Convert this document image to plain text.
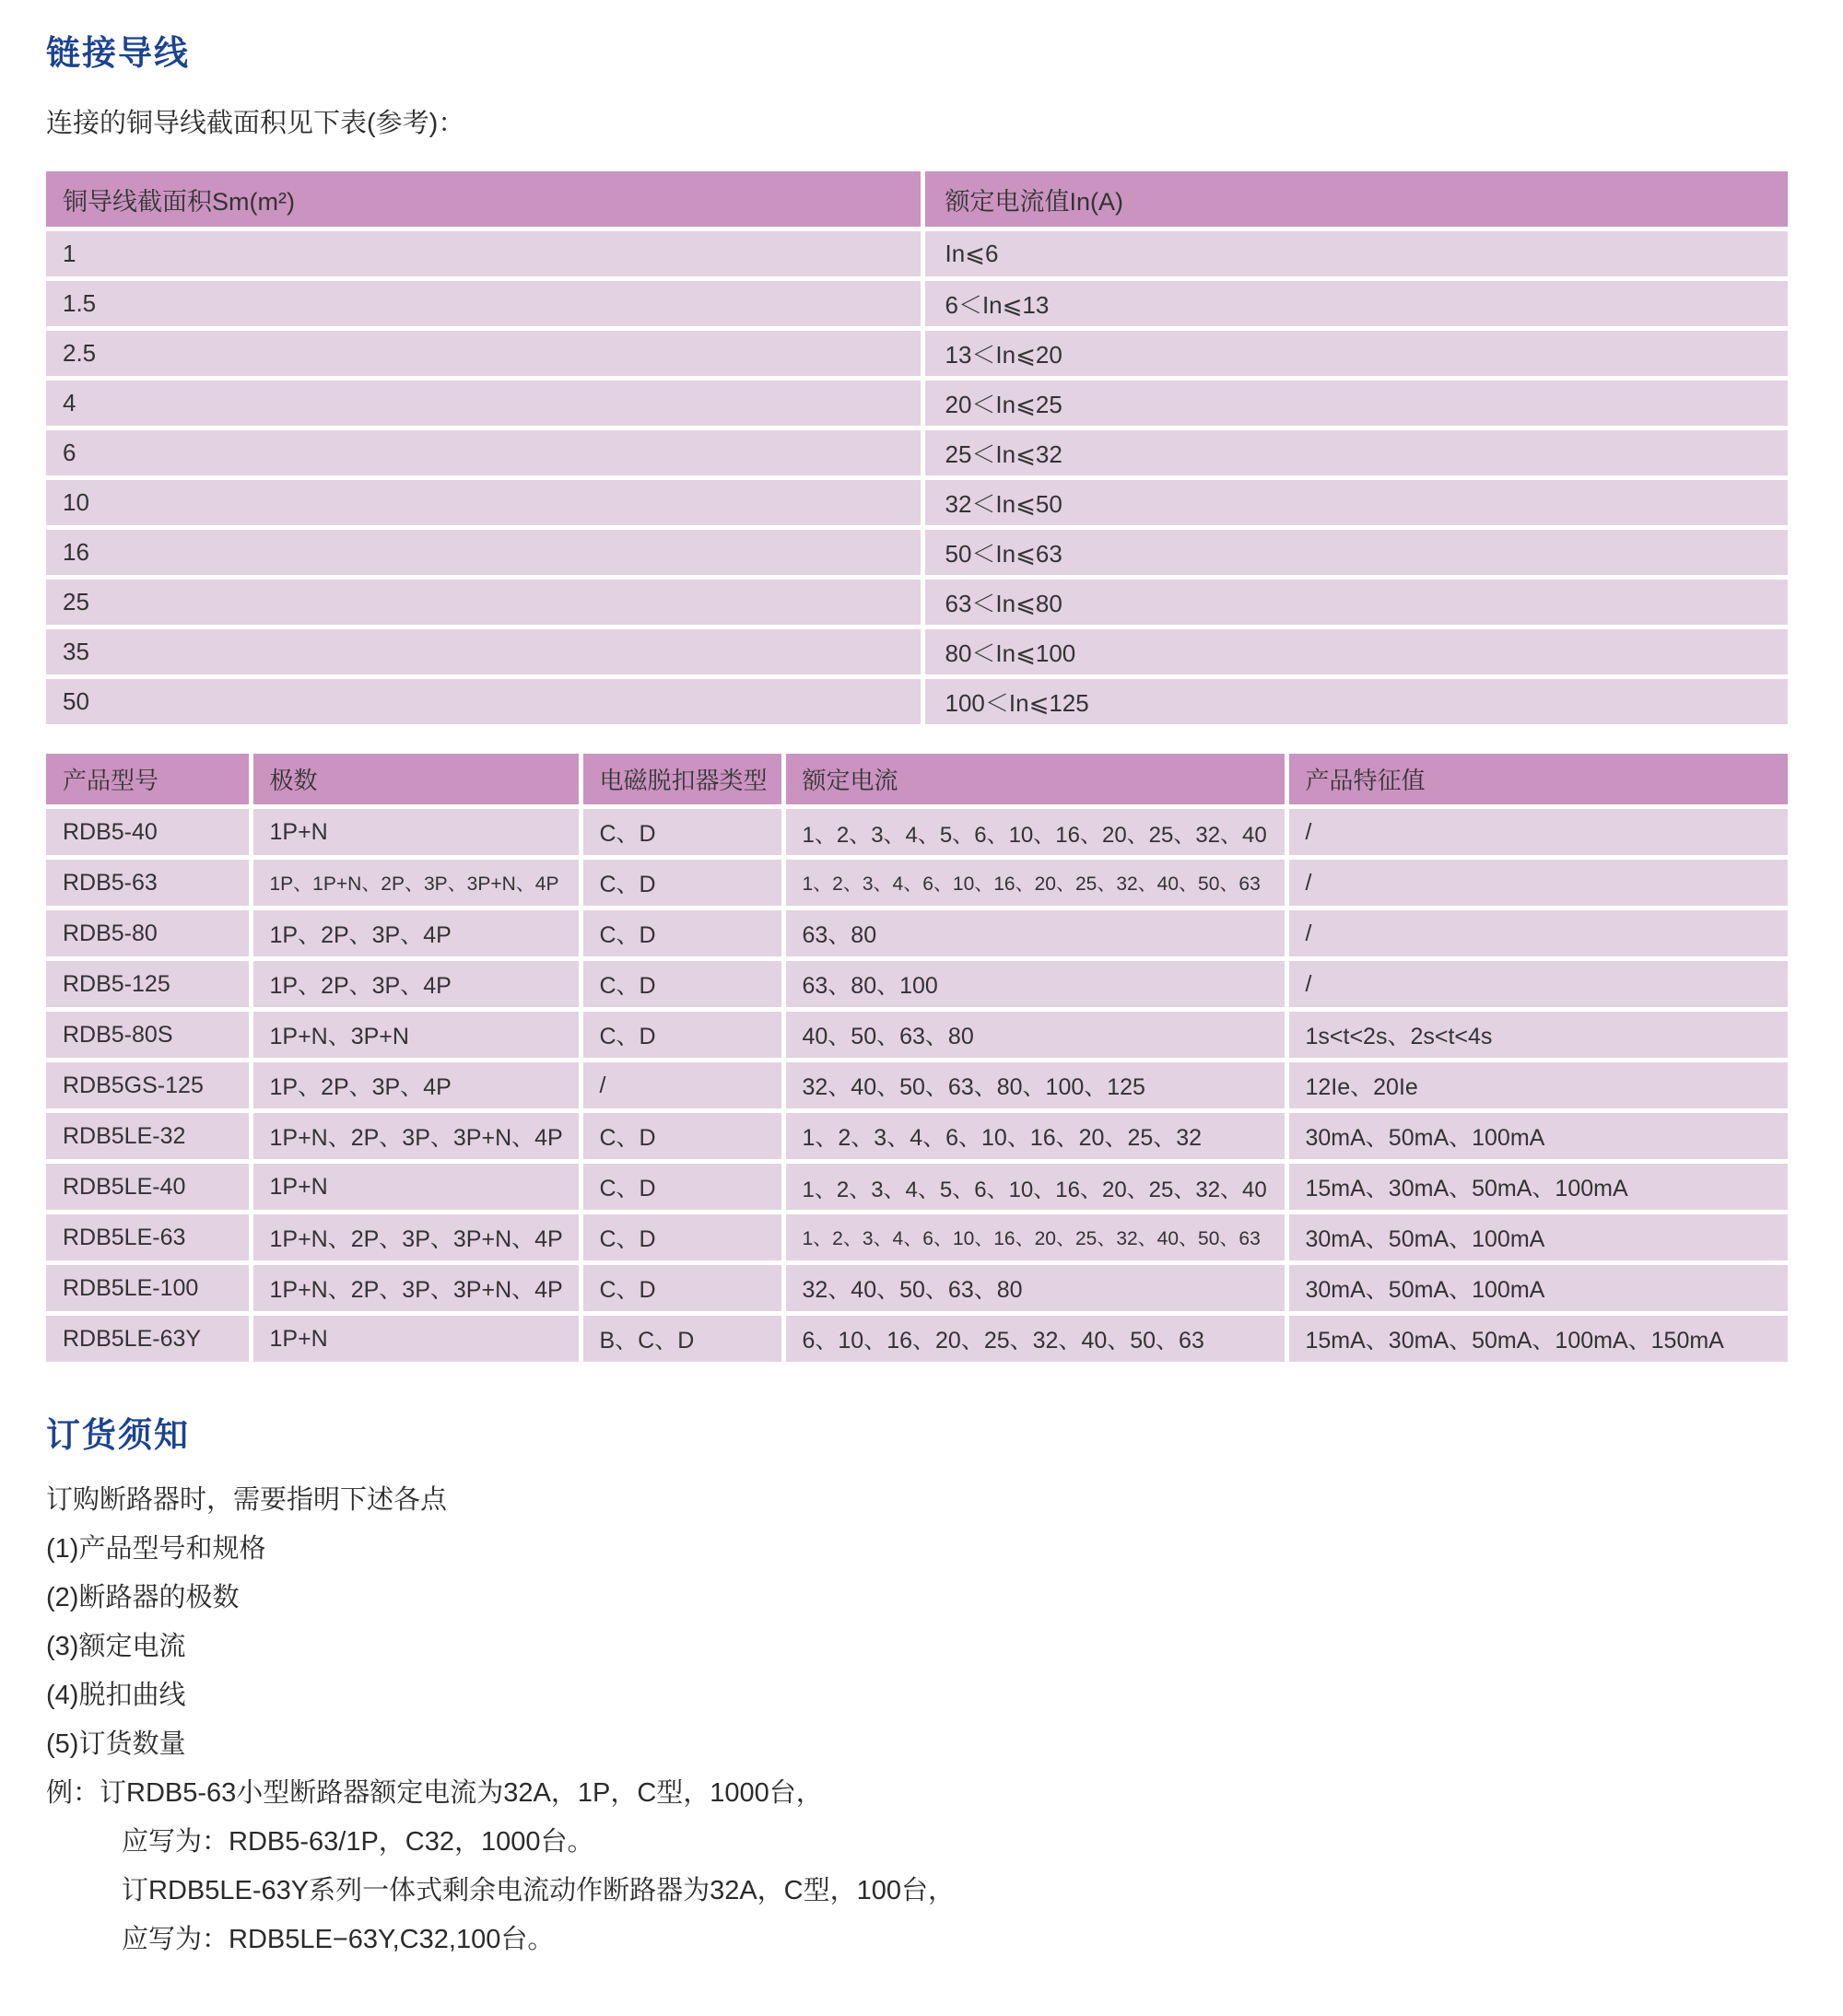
链接导线
连接的铜导线截面积见下表(参考)：
铜导线截面积Sm(m²)	额定电流值In(A)
1	In⩽6
1.5	6＜In⩽13
2.5	13＜In⩽20
4	20＜In⩽25
6	25＜In⩽32
10	32＜In⩽50
16	50＜In⩽63
25	63＜In⩽80
35	80＜In⩽100
50	100＜In⩽125
产品型号	极数	电磁脱扣器类型	额定电流	产品特征值
RDB5-40	1P+N	C、D	1、2、3、4、5、6、10、16、20、25、32、40	/
RDB5-63	1P、1P+N、2P、3P、3P+N、4P	C、D	1、2、3、4、6、10、16、20、25、32、40、50、63	/
RDB5-80	1P、2P、3P、4P	C、D	63、80	/
RDB5-125	1P、2P、3P、4P	C、D	63、80、100	/
RDB5-80S	1P+N、3P+N	C、D	40、50、63、80	1s<t<2s、2s<t<4s
RDB5GS-125	1P、2P、3P、4P	/	32、40、50、63、80、100、125	12Ie、20Ie
RDB5LE-32	1P+N、2P、3P、3P+N、4P	C、D	1、2、3、4、6、10、16、20、25、32	30mA、50mA、100mA
RDB5LE-40	1P+N	C、D	1、2、3、4、5、6、10、16、20、25、32、40	15mA、30mA、50mA、100mA
RDB5LE-63	1P+N、2P、3P、3P+N、4P	C、D	1、2、3、4、6、10、16、20、25、32、40、50、63	30mA、50mA、100mA
RDB5LE-100	1P+N、2P、3P、3P+N、4P	C、D	32、40、50、63、80	30mA、50mA、100mA
RDB5LE-63Y	1P+N	B、C、D	6、10、16、20、25、32、40、50、63	15mA、30mA、50mA、100mA、150mA
订货须知
订购断路器时，需要指明下述各点
(1)产品型号和规格
(2)断路器的极数
(3)额定电流
(4)脱扣曲线
(5)订货数量
例：订RDB5-63小型断路器额定电流为32A，1P，C型，1000台，
应写为：RDB5-63/1P，C32，1000台。
订RDB5LE-63Y系列一体式剩余电流动作断路器为32A，C型，100台，
应写为：RDB5LE−63Y,C32,100台。
